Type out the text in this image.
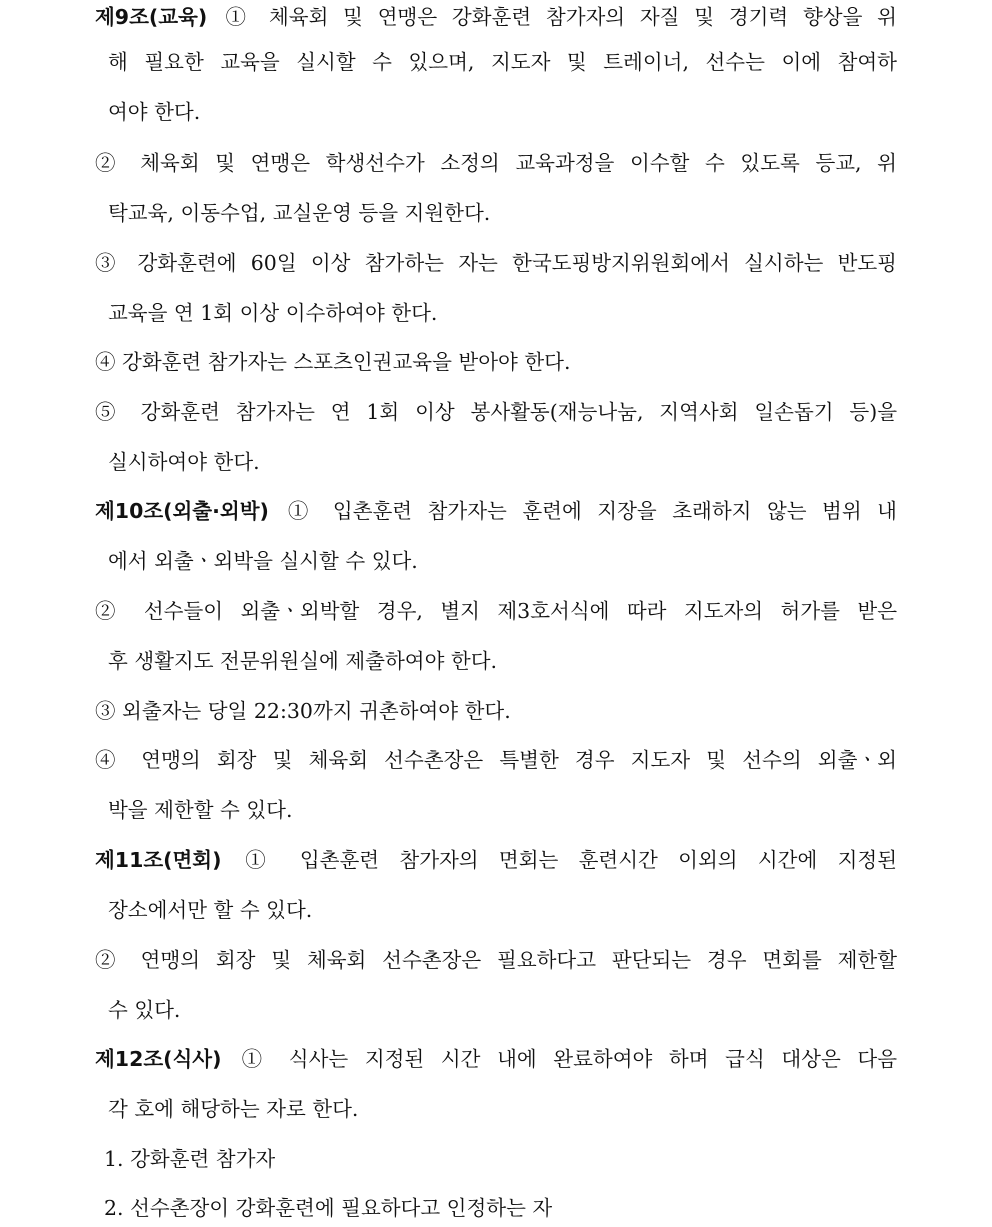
제9조(교육) ① 체육회 및 연맹은 강화훈련 참가자의 자질 및 경기력 향상을 위
해 필요한 교육을 실시할 수 있으며, 지도자 및 트레이너, 선수는 이에 참여하
여야 한다.
② 체육회 및 연맹은 학생선수가 소정의 교육과정을 이수할 수 있도록 등교, 위
탁교육, 이동수업, 교실운영 등을 지원한다.
③ 강화훈련에 60일 이상 참가하는 자는 한국도핑방지위원회에서 실시하는 반도핑
교육을 연 1회 이상 이수하여야 한다.
④ 강화훈련 참가자는 스포츠인권교육을 받아야 한다.
⑤ 강화훈련 참가자는 연 1회 이상 봉사활동(재능나눔, 지역사회 일손돕기 등)을
실시하여야 한다.
제10조(외출·외박) ① 입촌훈련 참가자는 훈련에 지장을 초래하지 않는 범위 내
에서 외출ㆍ외박을 실시할 수 있다.
② 선수들이 외출ㆍ외박할 경우, 별지 제3호서식에 따라 지도자의 허가를 받은
후 생활지도 전문위원실에 제출하여야 한다.
③ 외출자는 당일 22:30까지 귀촌하여야 한다.
④ 연맹의 회장 및 체육회 선수촌장은 특별한 경우 지도자 및 선수의 외출ㆍ외
박을 제한할 수 있다.
제11조(면회) ① 입촌훈련 참가자의 면회는 훈련시간 이외의 시간에 지정된
장소에서만 할 수 있다.
② 연맹의 회장 및 체육회 선수촌장은 필요하다고 판단되는 경우 면회를 제한할
수 있다.
제12조(식사) ① 식사는 지정된 시간 내에 완료하여야 하며 급식 대상은 다음
각 호에 해당하는 자로 한다.
1. 강화훈련 참가자
2. 선수촌장이 강화훈련에 필요하다고 인정하는 자
